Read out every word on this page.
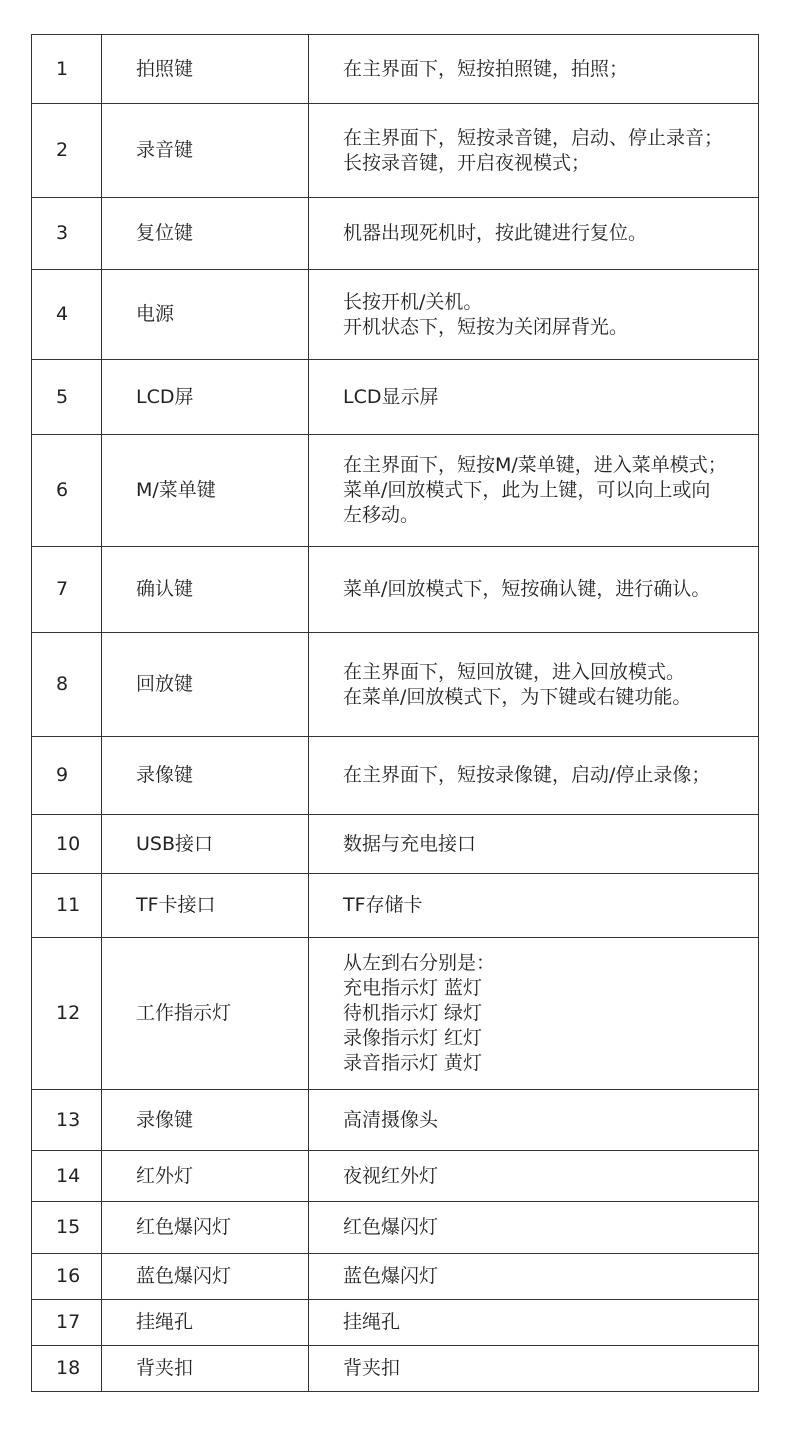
1	拍照键	在主界面下，短按拍照键，拍照；

2	录音键	在主界面下，短按录音键，启动、停止录音；
长按录音键，开启夜视模式；

3	复位键	机器出现死机时，按此键进行复位。

4	电源	长按开机/关机。
开机状态下，短按为关闭屏背光。

5	LCD屏	LCD显示屏

6	M/菜单键	在主界面下，短按M/菜单键，进入菜单模式；
菜单/回放模式下，此为上键，可以向上或向
左移动。

7	确认键	菜单/回放模式下，短按确认键，进行确认。

8	回放键	在主界面下，短回放键，进入回放模式。
在菜单/回放模式下，为下键或右键功能。

9	录像键	在主界面下，短按录像键，启动/停止录像；

10	USB接口	数据与充电接口

11	TF卡接口	TF存储卡

12	工作指示灯	从左到右分别是：
充电指示灯 蓝灯
待机指示灯 绿灯
录像指示灯 红灯
录音指示灯 黄灯

13	录像键	高清摄像头

14	红外灯	夜视红外灯

15	红色爆闪灯	红色爆闪灯

16	蓝色爆闪灯	蓝色爆闪灯

17	挂绳孔	挂绳孔

18	背夹扣	背夹扣
